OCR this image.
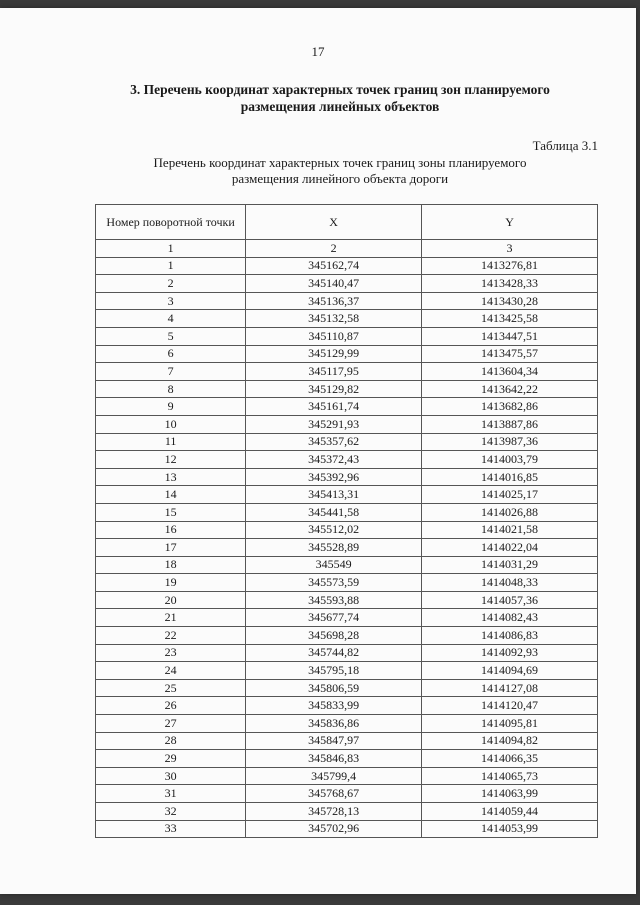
17
3. Перечень координат характерных точек границ зон планируемого
размещения линейных объектов
Таблица 3.1
Перечень координат характерных точек границ зоны планируемого
размещения линейного объекта дороги
Номер поворотной точки	X	Y
1	2	3
1	345162,74	1413276,81
2	345140,47	1413428,33
3	345136,37	1413430,28
4	345132,58	1413425,58
5	345110,87	1413447,51
6	345129,99	1413475,57
7	345117,95	1413604,34
8	345129,82	1413642,22
9	345161,74	1413682,86
10	345291,93	1413887,86
11	345357,62	1413987,36
12	345372,43	1414003,79
13	345392,96	1414016,85
14	345413,31	1414025,17
15	345441,58	1414026,88
16	345512,02	1414021,58
17	345528,89	1414022,04
18	345549	1414031,29
19	345573,59	1414048,33
20	345593,88	1414057,36
21	345677,74	1414082,43
22	345698,28	1414086,83
23	345744,82	1414092,93
24	345795,18	1414094,69
25	345806,59	1414127,08
26	345833,99	1414120,47
27	345836,86	1414095,81
28	345847,97	1414094,82
29	345846,83	1414066,35
30	345799,4	1414065,73
31	345768,67	1414063,99
32	345728,13	1414059,44
33	345702,96	1414053,99
